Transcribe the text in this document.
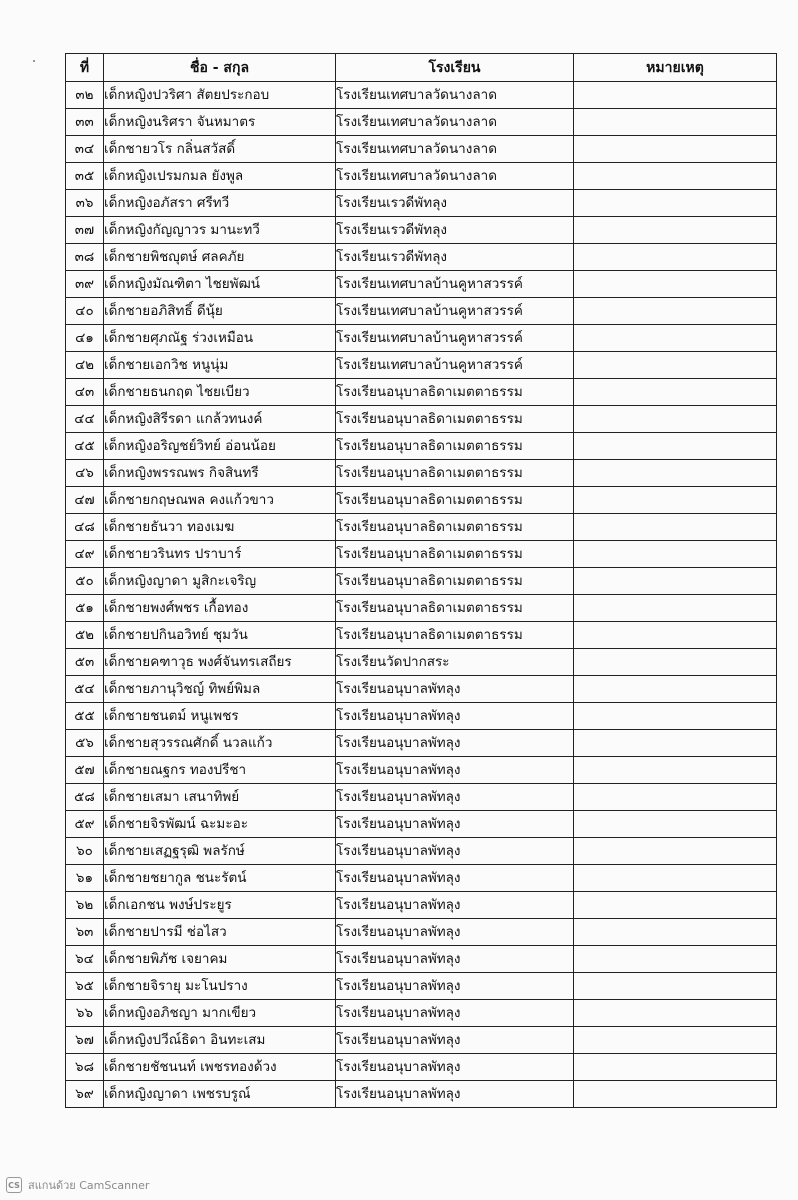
ที่	ชื่อ - สกุล	โรงเรียน	หมายเหตุ
๓๒	เด็กหญิงปวริศา สัตยประกอบ	โรงเรียนเทศบาลวัดนางลาด	
๓๓	เด็กหญิงนริศรา จันหมาตร	โรงเรียนเทศบาลวัดนางลาด	
๓๔	เด็กชายวโร กลิ่นสวัสดิ์	โรงเรียนเทศบาลวัดนางลาด	
๓๕	เด็กหญิงเปรมกมล ยังพูล	โรงเรียนเทศบาลวัดนางลาด	
๓๖	เด็กหญิงอภัสรา ศรีทวี	โรงเรียนเรวดีพัทลุง	
๓๗	เด็กหญิงกัญญาวร มานะทวี	โรงเรียนเรวดีพัทลุง	
๓๘	เด็กชายพิชญุตษ์ ศลคภัย	โรงเรียนเรวดีพัทลุง	
๓๙	เด็กหญิงมัณฑิตา ไชยพัฒน์	โรงเรียนเทศบาลบ้านคูหาสวรรค์	
๔๐	เด็กชายอภิสิทธิ์ ดีนุ้ย	โรงเรียนเทศบาลบ้านคูหาสวรรค์	
๔๑	เด็กชายศุภณัฐ ร่วงเหมือน	โรงเรียนเทศบาลบ้านคูหาสวรรค์	
๔๒	เด็กชายเอกวิช หนูนุ่ม	โรงเรียนเทศบาลบ้านคูหาสวรรค์	
๔๓	เด็กชายธนกฤต ไชยเบียว	โรงเรียนอนุบาลธิดาเมตตาธรรม	
๔๔	เด็กหญิงสิรีรดา แกล้วทนงค์	โรงเรียนอนุบาลธิดาเมตตาธรรม	
๔๕	เด็กหญิงอริญชย์วิทย์ อ่อนน้อย	โรงเรียนอนุบาลธิดาเมตตาธรรม	
๔๖	เด็กหญิงพรรณพร กิจสินทรี	โรงเรียนอนุบาลธิดาเมตตาธรรม	
๔๗	เด็กชายกฤษณพล คงแก้วขาว	โรงเรียนอนุบาลธิดาเมตตาธรรม	
๔๘	เด็กชายธันวา ทองเมฆ	โรงเรียนอนุบาลธิดาเมตตาธรรม	
๔๙	เด็กชายวรินทร ปราบาร์	โรงเรียนอนุบาลธิดาเมตตาธรรม	
๕๐	เด็กหญิงญาดา มูสิกะเจริญ	โรงเรียนอนุบาลธิดาเมตตาธรรม	
๕๑	เด็กชายพงศ์พชร เกื้อทอง	โรงเรียนอนุบาลธิดาเมตตาธรรม	
๕๒	เด็กชายปกินอวิทย์ ชุมวัน	โรงเรียนอนุบาลธิดาเมตตาธรรม	
๕๓	เด็กชายคฑาวุธ พงศ์จันทรเสถียร	โรงเรียนวัดปากสระ	
๕๔	เด็กชายภานุวิชญ์ ทิพย์พิมล	โรงเรียนอนุบาลพัทลุง	
๕๕	เด็กชายชนตม์ หนูเพชร	โรงเรียนอนุบาลพัทลุง	
๕๖	เด็กชายสุวรรณศักดิ์ นวลแก้ว	โรงเรียนอนุบาลพัทลุง	
๕๗	เด็กชายณฐกร ทองปรีชา	โรงเรียนอนุบาลพัทลุง	
๕๘	เด็กชายเสมา เสนาทิพย์	โรงเรียนอนุบาลพัทลุง	
๕๙	เด็กชายจิรพัฒน์ ฉะมะอะ	โรงเรียนอนุบาลพัทลุง	
๖๐	เด็กชายเสฏฐรุฒิ พลรักษ์	โรงเรียนอนุบาลพัทลุง	
๖๑	เด็กชายชยากูล ชนะรัตน์	โรงเรียนอนุบาลพัทลุง	
๖๒	เด็กเอกชน พงษ์ประยูร	โรงเรียนอนุบาลพัทลุง	
๖๓	เด็กชายปารมี ช่อไสว	โรงเรียนอนุบาลพัทลุง	
๖๔	เด็กชายพิภัช เจยาคม	โรงเรียนอนุบาลพัทลุง	
๖๕	เด็กชายจิรายุ มะโนปราง	โรงเรียนอนุบาลพัทลุง	
๖๖	เด็กหญิงอภิชญา มากเขียว	โรงเรียนอนุบาลพัทลุง	
๖๗	เด็กหญิงปวีณ์ธิดา อินทะเสม	โรงเรียนอนุบาลพัทลุง	
๖๘	เด็กชายชัชนนท์ เพชรทองด้วง	โรงเรียนอนุบาลพัทลุง	
๖๙	เด็กหญิงญาดา เพชรบรูณ์	โรงเรียนอนุบาลพัทลุง	
CS สแกนด้วย CamScanner
